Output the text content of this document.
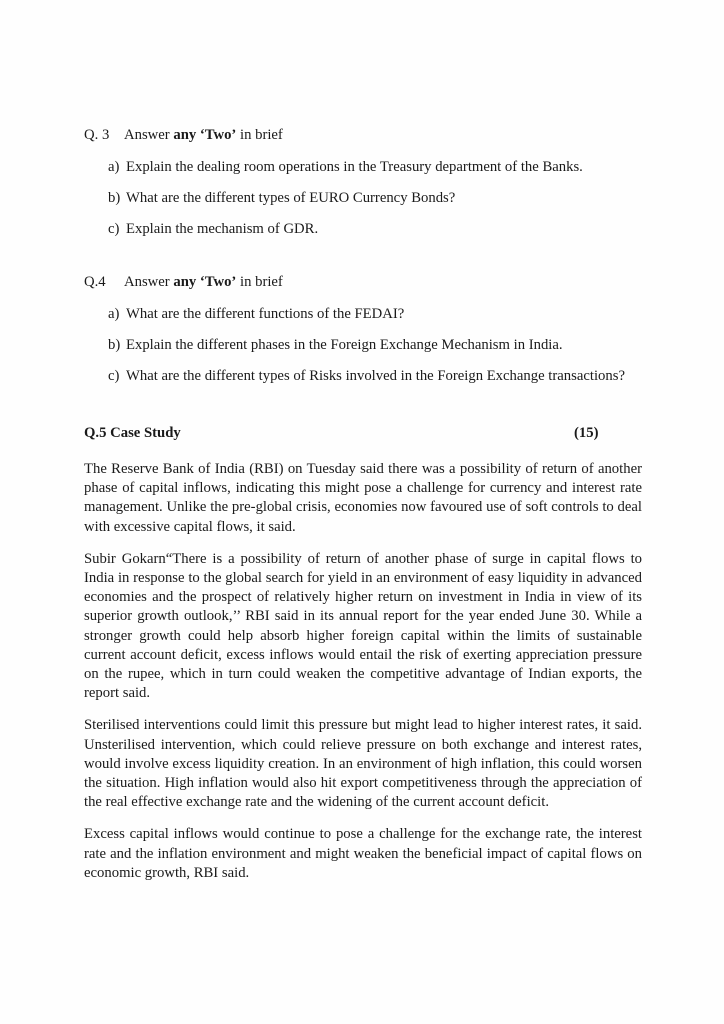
Q. 3 Answer any ‘Two’ in brief

a) Explain the dealing room operations in the Treasury department of the Banks.
b) What are the different types of EURO Currency Bonds?
c) Explain the mechanism of GDR.

Q.4 Answer any ‘Two’ in brief

a) What are the different functions of the FEDAI?
b) Explain the different phases in the Foreign Exchange Mechanism in India.
c) What are the different types of Risks involved in the Foreign Exchange transactions?

Q.5 Case Study	(15)

The Reserve Bank of India (RBI) on Tuesday said there was a possibility of return of another phase of capital inflows, indicating this might pose a challenge for currency and interest rate management. Unlike the pre-global crisis, economies now favoured use of soft controls to deal with excessive capital flows, it said.

Subir Gokarn“There is a possibility of return of another phase of surge in capital flows to India in response to the global search for yield in an environment of easy liquidity in advanced economies and the prospect of relatively higher return on investment in India in view of its superior growth outlook,’’ RBI said in its annual report for the year ended June 30. While a stronger growth could help absorb higher foreign capital within the limits of sustainable current account deficit, excess inflows would entail the risk of exerting appreciation pressure on the rupee, which in turn could weaken the competitive advantage of Indian exports, the report said.

Sterilised interventions could limit this pressure but might lead to higher interest rates, it said. Unsterilised intervention, which could relieve pressure on both exchange and interest rates, would involve excess liquidity creation. In an environment of high inflation, this could worsen the situation. High inflation would also hit export competitiveness through the appreciation of the real effective exchange rate and the widening of the current account deficit.

Excess capital inflows would continue to pose a challenge for the exchange rate, the interest rate and the inflation environment and might weaken the beneficial impact of capital flows on economic growth, RBI said.
